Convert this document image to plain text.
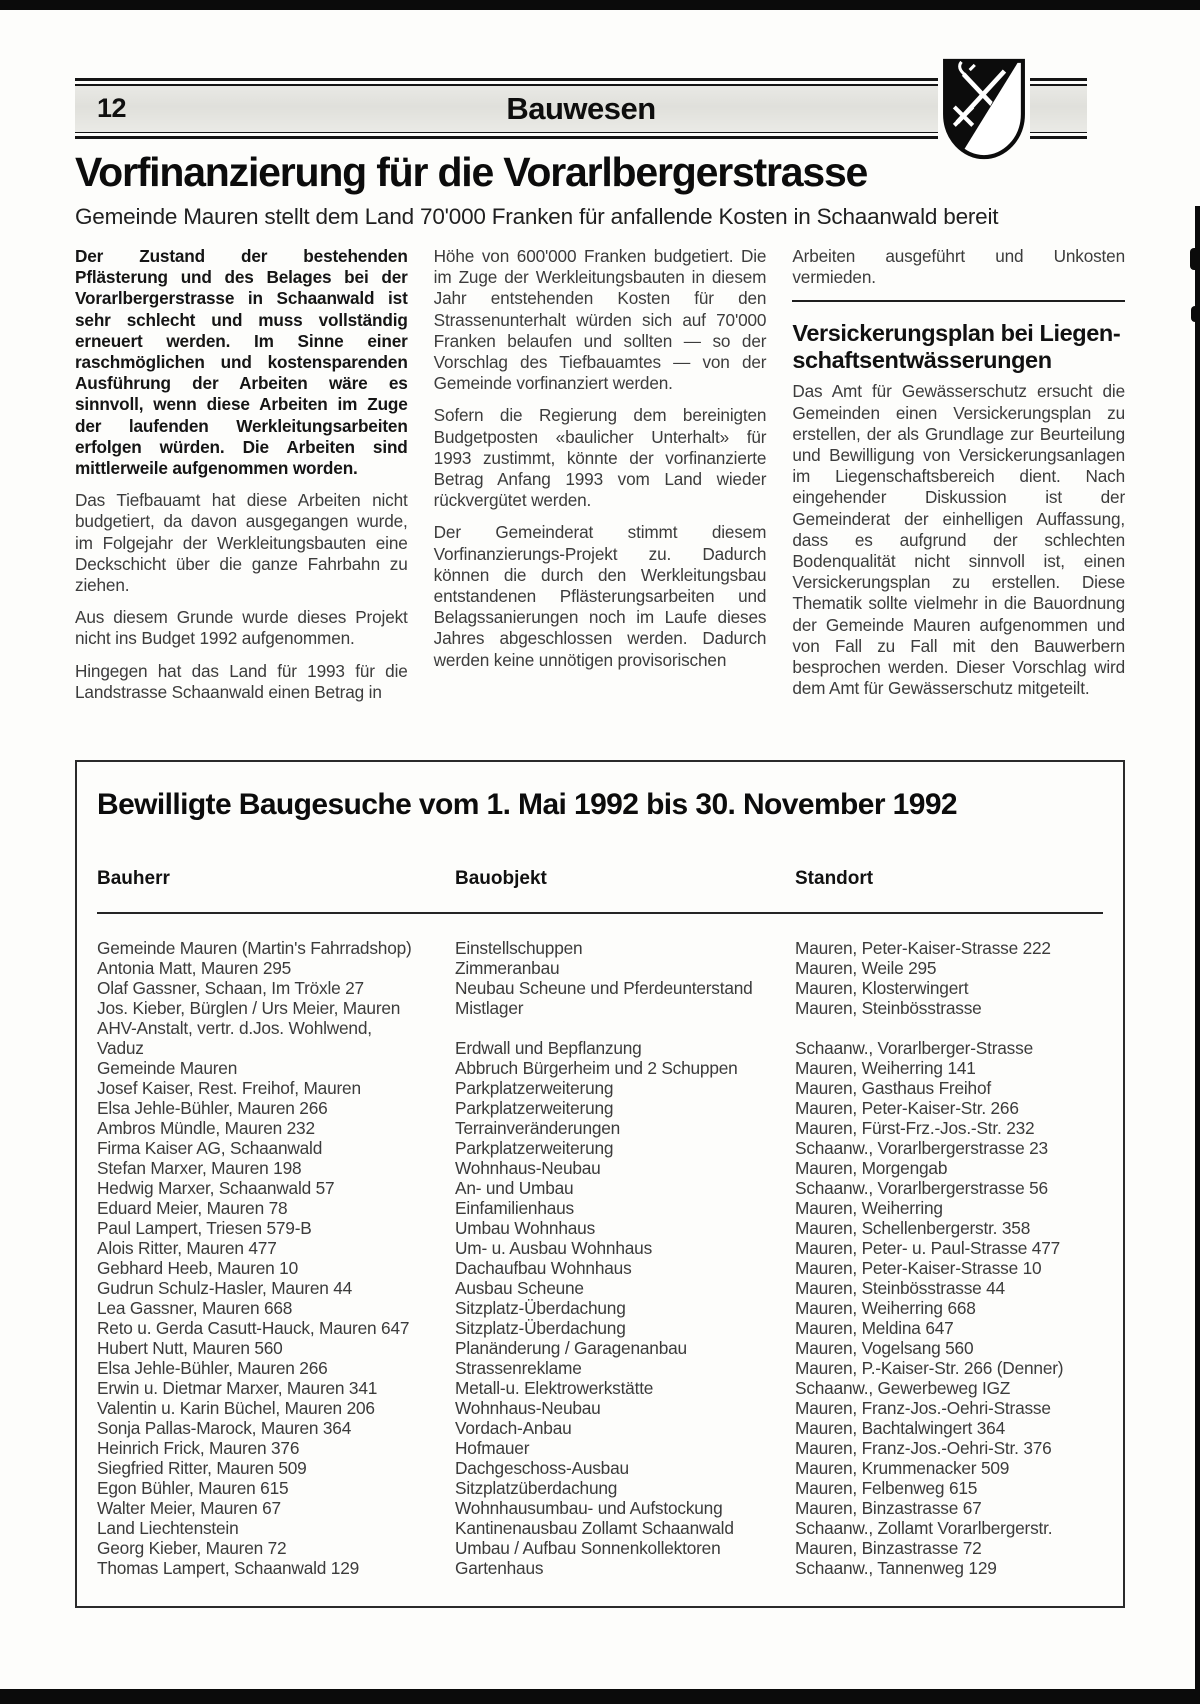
12	Bauwesen
Vorfinanzierung für die Vorarlbergerstrasse

Gemeinde Mauren stellt dem Land 70'000 Franken für anfallende Kosten in Schaanwald bereit

Der Zustand der bestehenden Pflästerung und des Belages bei der Vorarlbergerstrasse in Schaanwald ist sehr schlecht und muss vollständig erneuert werden. Im Sinne einer raschmöglichen und kostensparenden Ausführung der Arbeiten wäre es sinnvoll, wenn diese Arbeiten im Zuge der laufenden Werkleitungsarbeiten erfolgen würden. Die Arbeiten sind mittlerweile aufgenommen worden.

Das Tiefbauamt hat diese Arbeiten nicht budgetiert, da davon ausgegangen wurde, im Folgejahr der Werkleitungsbauten eine Deckschicht über die ganze Fahrbahn zu ziehen.

Aus diesem Grunde wurde dieses Projekt nicht ins Budget 1992 aufgenommen.

Hingegen hat das Land für 1993 für die Landstrasse Schaanwald einen Betrag in

Höhe von 600'000 Franken budgetiert. Die im Zuge der Werkleitungsbauten in diesem Jahr entstehenden Kosten für den Strassenunterhalt würden sich auf 70'000 Franken belaufen und sollten — so der Vorschlag des Tiefbauamtes — von der Gemeinde vorfinanziert werden.

Sofern die Regierung dem bereinigten Budgetposten «baulicher Unterhalt» für 1993 zustimmt, könnte der vorfinanzierte Betrag Anfang 1993 vom Land wieder rückvergütet werden.

Der Gemeinderat stimmt diesem Vorfinanzierungs-Projekt zu. Dadurch können die durch den Werkleitungsbau entstandenen Pflästerungsarbeiten und Belagssanierungen noch im Laufe dieses Jahres abgeschlossen werden. Dadurch werden keine unnötigen provisorischen

Arbeiten ausgeführt und Unkosten vermieden.

Versickerungsplan bei Liegen-
schaftsentwässerungen

Das Amt für Gewässerschutz ersucht die Gemeinden einen Versickerungsplan zu erstellen, der als Grundlage zur Beurteilung und Bewilligung von Versickerungsanlagen im Liegenschaftsbereich dient. Nach eingehender Diskussion ist der Gemeinderat der einhelligen Auffassung, dass es aufgrund der schlechten Bodenqualität nicht sinnvoll ist, einen Versickerungsplan zu erstellen. Diese Thematik sollte vielmehr in die Bauordnung der Gemeinde Mauren aufgenommen und von Fall zu Fall mit den Bauwerbern besprochen werden. Dieser Vorschlag wird dem Amt für Gewässerschutz mitgeteilt.

Bewilligte Baugesuche vom 1. Mai 1992 bis 30. November 1992
Bauherr	Bauobjekt	Standort
Gemeinde Mauren (Martin's Fahrradshop)	Einstellschuppen	Mauren, Peter-Kaiser-Strasse 222
Antonia Matt, Mauren 295	Zimmeranbau	Mauren, Weile 295
Olaf Gassner, Schaan, Im Tröxle 27	Neubau Scheune und Pferdeunterstand	Mauren, Klosterwingert
Jos. Kieber, Bürglen / Urs Meier, Mauren	Mistlager	Mauren, Steinbösstrasse
AHV-Anstalt, vertr. d.Jos. Wohlwend,		
Vaduz	Erdwall und Bepflanzung	Schaanw., Vorarlberger-Strasse
Gemeinde Mauren	Abbruch Bürgerheim und 2 Schuppen	Mauren, Weiherring 141
Josef Kaiser, Rest. Freihof, Mauren	Parkplatzerweiterung	Mauren, Gasthaus Freihof
Elsa Jehle-Bühler, Mauren 266	Parkplatzerweiterung	Mauren, Peter-Kaiser-Str. 266
Ambros Mündle, Mauren 232	Terrainveränderungen	Mauren, Fürst-Frz.-Jos.-Str. 232
Firma Kaiser AG, Schaanwald	Parkplatzerweiterung	Schaanw., Vorarlbergerstrasse 23
Stefan Marxer, Mauren 198	Wohnhaus-Neubau	Mauren, Morgengab
Hedwig Marxer, Schaanwald 57	An- und Umbau	Schaanw., Vorarlbergerstrasse 56
Eduard Meier, Mauren 78	Einfamilienhaus	Mauren, Weiherring
Paul Lampert, Triesen 579-B	Umbau Wohnhaus	Mauren, Schellenbergerstr. 358
Alois Ritter, Mauren 477	Um- u. Ausbau Wohnhaus	Mauren, Peter- u. Paul-Strasse 477
Gebhard Heeb, Mauren 10	Dachaufbau Wohnhaus	Mauren, Peter-Kaiser-Strasse 10
Gudrun Schulz-Hasler, Mauren 44	Ausbau Scheune	Mauren, Steinbösstrasse 44
Lea Gassner, Mauren 668	Sitzplatz-Überdachung	Mauren, Weiherring 668
Reto u. Gerda Casutt-Hauck, Mauren 647	Sitzplatz-Überdachung	Mauren, Meldina 647
Hubert Nutt, Mauren 560	Planänderung / Garagenanbau	Mauren, Vogelsang 560
Elsa Jehle-Bühler, Mauren 266	Strassenreklame	Mauren, P.-Kaiser-Str. 266 (Denner)
Erwin u. Dietmar Marxer, Mauren 341	Metall-u. Elektrowerkstätte	Schaanw., Gewerbeweg IGZ
Valentin u. Karin Büchel, Mauren 206	Wohnhaus-Neubau	Mauren, Franz-Jos.-Oehri-Strasse
Sonja Pallas-Marock, Mauren 364	Vordach-Anbau	Mauren, Bachtalwingert 364
Heinrich Frick, Mauren 376	Hofmauer	Mauren, Franz-Jos.-Oehri-Str. 376
Siegfried Ritter, Mauren 509	Dachgeschoss-Ausbau	Mauren, Krummenacker 509
Egon Bühler, Mauren 615	Sitzplatzüberdachung	Mauren, Felbenweg 615
Walter Meier, Mauren 67	Wohnhausumbau- und Aufstockung	Mauren, Binzastrasse 67
Land Liechtenstein	Kantinenausbau Zollamt Schaanwald	Schaanw., Zollamt Vorarlbergerstr.
Georg Kieber, Mauren 72	Umbau / Aufbau Sonnenkollektoren	Mauren, Binzastrasse 72
Thomas Lampert, Schaanwald 129	Gartenhaus	Schaanw., Tannenweg 129
